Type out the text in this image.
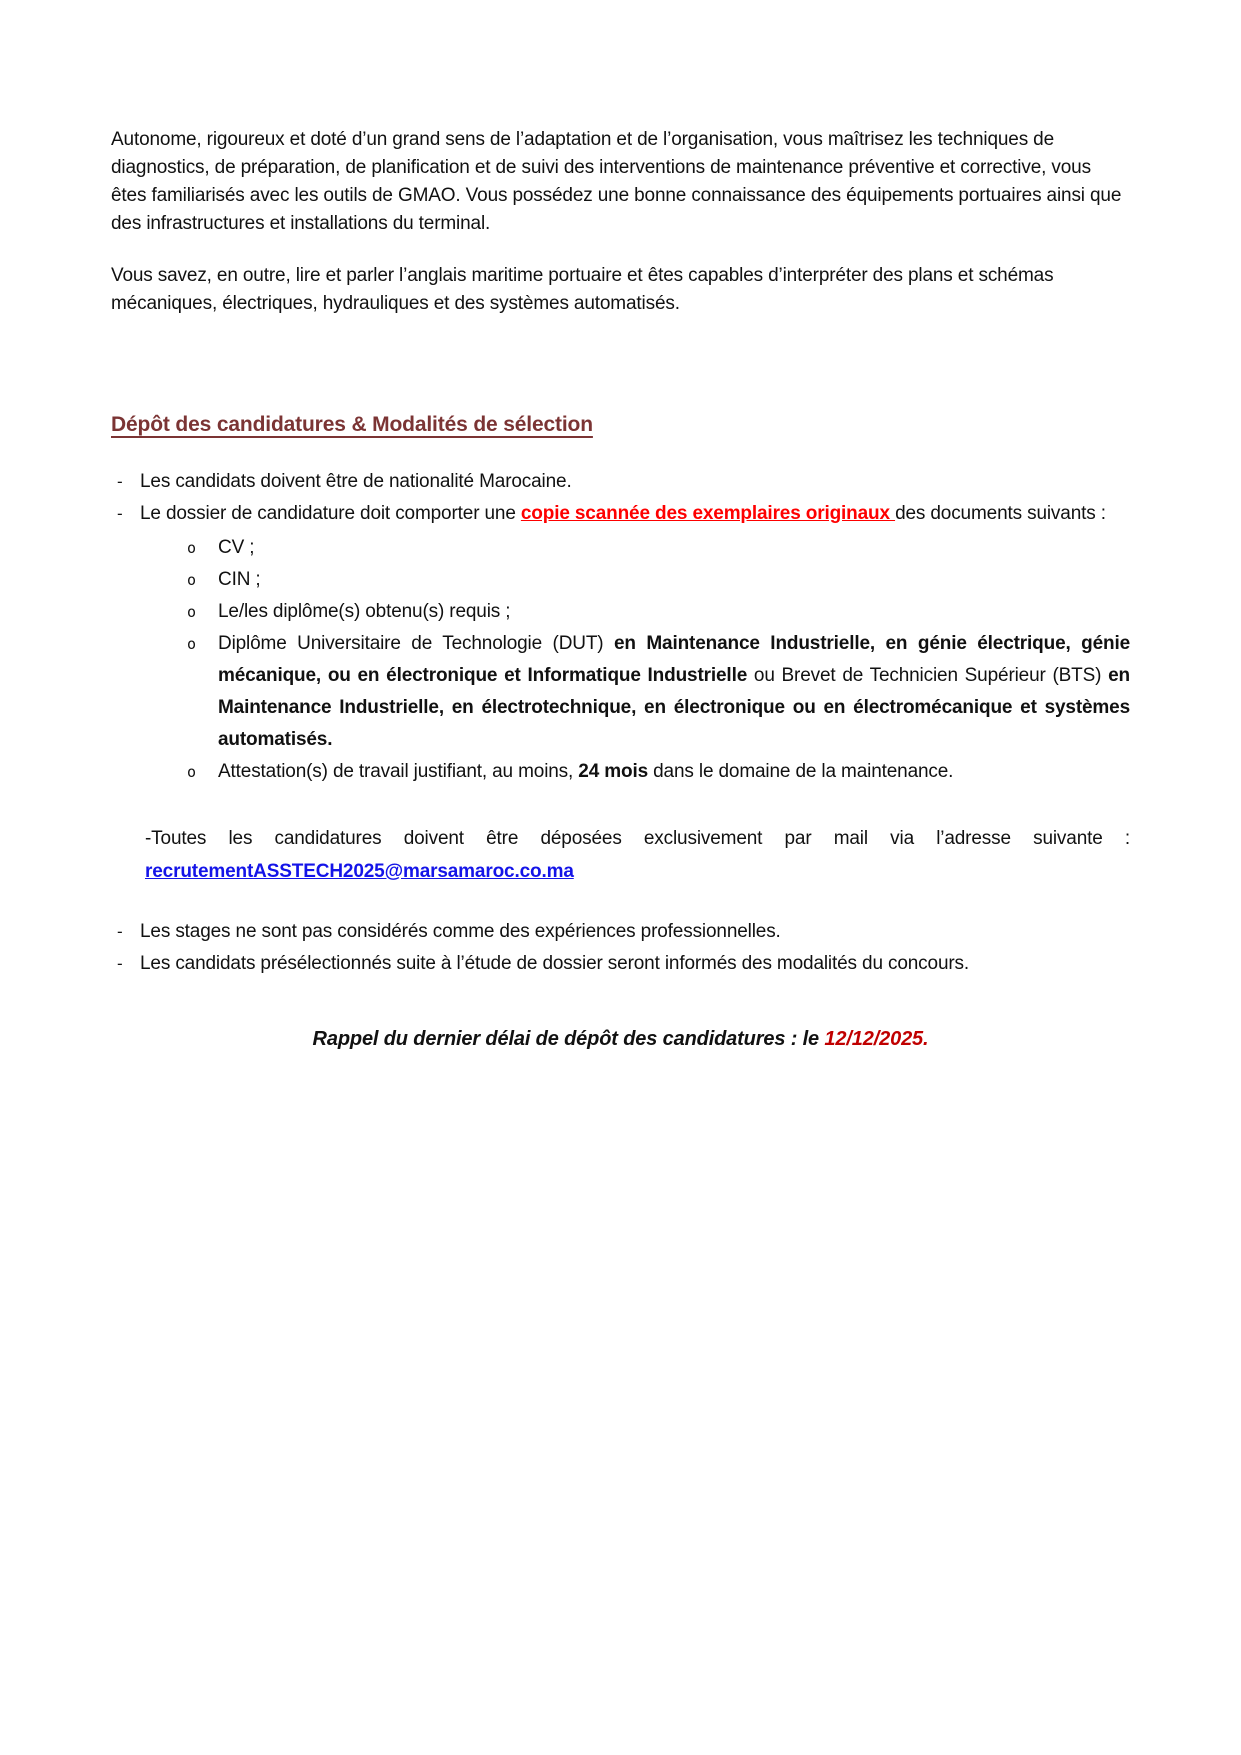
Autonome, rigoureux et doté d’un grand sens de l’adaptation et de l’organisation, vous maîtrisez les techniques de diagnostics, de préparation, de planification et de suivi des interventions de maintenance préventive et corrective, vous êtes familiarisés avec les outils de GMAO. Vous possédez une bonne connaissance des équipements portuaires ainsi que des infrastructures et installations du terminal.

Vous savez, en outre, lire et parler l’anglais maritime portuaire et êtes capables d’interpréter des plans et schémas mécaniques, électriques, hydrauliques et des systèmes automatisés.

Dépôt des candidatures & Modalités de sélection
- Les candidats doivent être de nationalité Marocaine.
- Le dossier de candidature doit comporter une copie scannée des exemplaires originaux des documents suivants :
o	CV ;
o	CIN ;
o	Le/les diplôme(s) obtenu(s) requis ;
o	Diplôme Universitaire de Technologie (DUT) en Maintenance Industrielle, en génie électrique, génie mécanique, ou en électronique et Informatique Industrielle ou Brevet de Technicien Supérieur (BTS) en Maintenance Industrielle, en électrotechnique, en électronique ou en électromécanique et systèmes automatisés.
o	Attestation(s) de travail justifiant, au moins, 24 mois dans le domaine de la maintenance.

-Toutes les candidatures doivent être déposées exclusivement par mail via l’adresse suivante :
recrutementASSTECH2025@marsamaroc.co.ma

- Les stages ne sont pas considérés comme des expériences professionnelles.
- Les candidats présélectionnés suite à l’étude de dossier seront informés des modalités du concours.

Rappel du dernier délai de dépôt des candidatures : le 12/12/2025.
